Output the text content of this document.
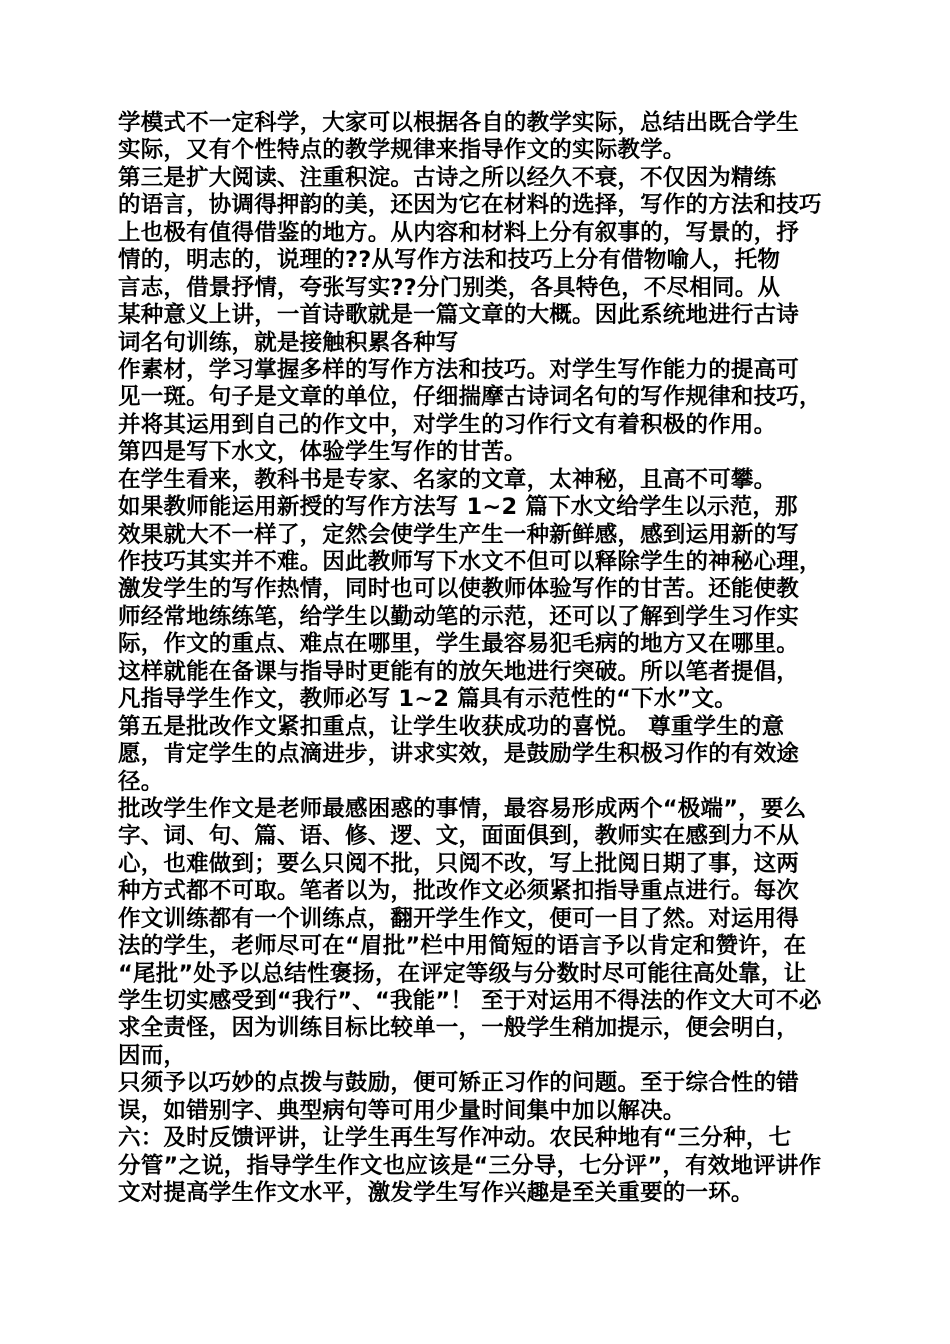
学模式不一定科学，大家可以根据各自的教学实际，总结出既合学生
实际，又有个性特点的教学规律来指导作文的实际教学。
第三是扩大阅读、注重积淀。古诗之所以经久不衰，不仅因为精练
的语言，协调得押韵的美，还因为它在材料的选择，写作的方法和技巧
上也极有值得借鉴的地方。从内容和材料上分有叙事的，写景的，抒
情的，明志的，说理的??从写作方法和技巧上分有借物喻人，托物
言志，借景抒情，夸张写实??分门别类，各具特色，不尽相同。从
某种意义上讲，一首诗歌就是一篇文章的大概。因此系统地进行古诗
词名句训练，就是接触积累各种写
作素材，学习掌握多样的写作方法和技巧。对学生写作能力的提高可
见一斑。句子是文章的单位，仔细揣摩古诗词名句的写作规律和技巧，
并将其运用到自己的作文中，对学生的习作行文有着积极的作用。
第四是写下水文，体验学生写作的甘苦。
在学生看来，教科书是专家、名家的文章，太神秘，且高不可攀。
如果教师能运用新授的写作方法写 1~2 篇下水文给学生以示范，那
效果就大不一样了，定然会使学生产生一种新鲜感，感到运用新的写
作技巧其实并不难。因此教师写下水文不但可以释除学生的神秘心理，
激发学生的写作热情，同时也可以使教师体验写作的甘苦。还能使教
师经常地练练笔，给学生以勤动笔的示范，还可以了解到学生习作实
际，作文的重点、难点在哪里，学生最容易犯毛病的地方又在哪里。
这样就能在备课与指导时更能有的放矢地进行突破。所以笔者提倡，
凡指导学生作文，教师必写 1~2 篇具有示范性的“下水”文。
第五是批改作文紧扣重点，让学生收获成功的喜悦。 尊重学生的意
愿，肯定学生的点滴进步，讲求实效，是鼓励学生积极习作的有效途
径。
批改学生作文是老师最感困惑的事情，最容易形成两个“极端”，要么
字、词、句、篇、语、修、逻、文，面面俱到，教师实在感到力不从
心，也难做到；要么只阅不批，只阅不改，写上批阅日期了事，这两
种方式都不可取。笔者以为，批改作文必须紧扣指导重点进行。每次
作文训练都有一个训练点，翻开学生作文，便可一目了然。对运用得
法的学生，老师尽可在“眉批”栏中用简短的语言予以肯定和赞许，在
“尾批”处予以总结性褒扬，在评定等级与分数时尽可能往高处靠，让
学生切实感受到“我行”、“我能”！ 至于对运用不得法的作文大可不必
求全责怪，因为训练目标比较单一，一般学生稍加提示，便会明白，
因而，
只须予以巧妙的点拨与鼓励，便可矫正习作的问题。至于综合性的错
误，如错别字、典型病句等可用少量时间集中加以解决。
六：及时反馈评讲，让学生再生写作冲动。农民种地有“三分种，七
分管”之说，指导学生作文也应该是“三分导，七分评”，有效地评讲作
文对提高学生作文水平，激发学生写作兴趣是至关重要的一环。
